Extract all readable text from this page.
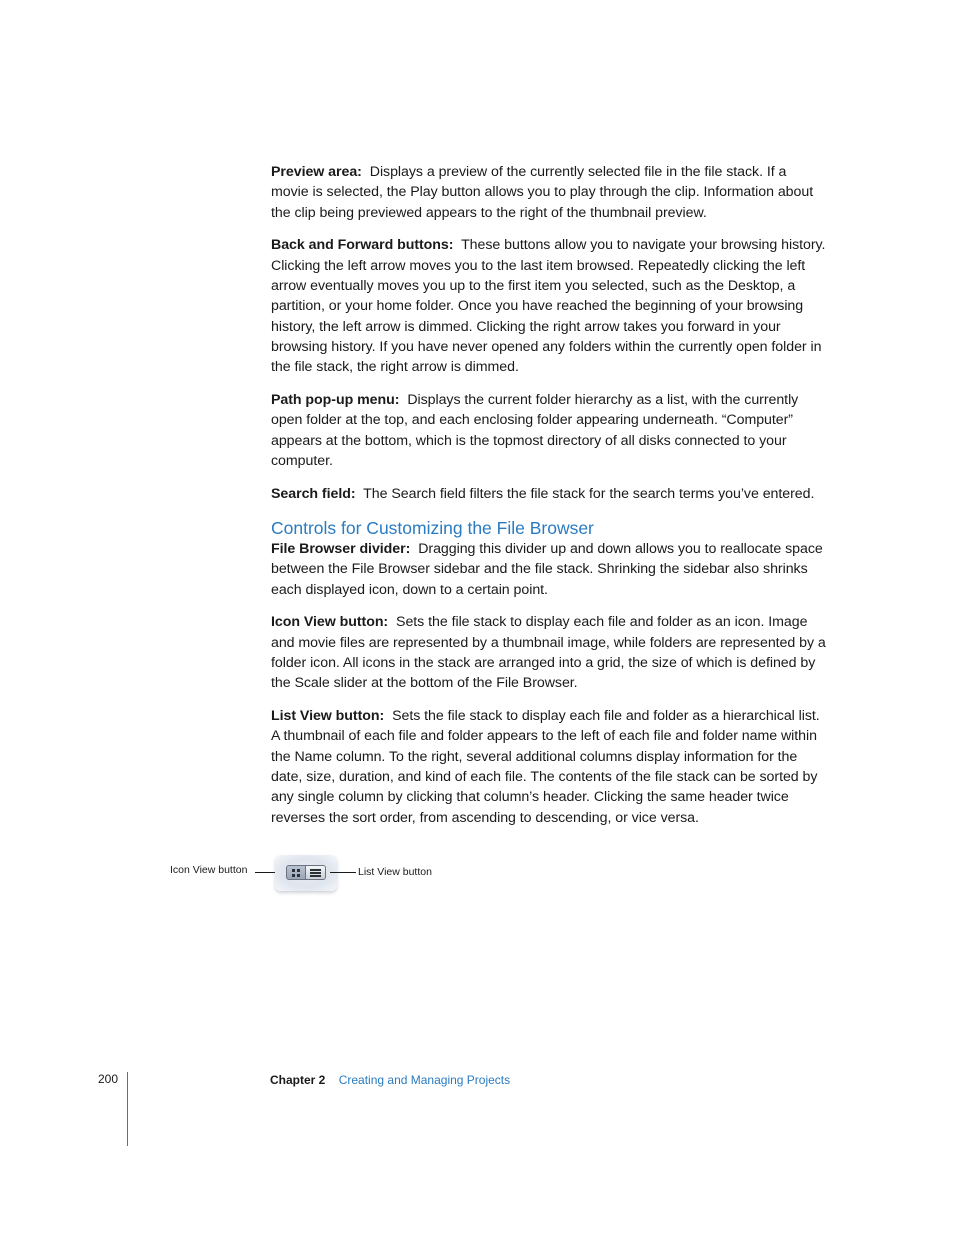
Preview area: Displays a preview of the currently selected file in the file stack. If a movie is selected, the Play button allows you to play through the clip. Information about the clip being previewed appears to the right of the thumbnail preview.

Back and Forward buttons: These buttons allow you to navigate your browsing history. Clicking the left arrow moves you to the last item browsed. Repeatedly clicking the left arrow eventually moves you up to the first item you selected, such as the Desktop, a partition, or your home folder. Once you have reached the beginning of your browsing history, the left arrow is dimmed. Clicking the right arrow takes you forward in your browsing history. If you have never opened any folders within the currently open folder in the file stack, the right arrow is dimmed.

Path pop-up menu: Displays the current folder hierarchy as a list, with the currently open folder at the top, and each enclosing folder appearing underneath. “Computer” appears at the bottom, which is the topmost directory of all disks connected to your computer.

Search field: The Search field filters the file stack for the search terms you’ve entered.

Controls for Customizing the File Browser

File Browser divider: Dragging this divider up and down allows you to reallocate space between the File Browser sidebar and the file stack. Shrinking the sidebar also shrinks each displayed icon, down to a certain point.

Icon View button: Sets the file stack to display each file and folder as an icon. Image and movie files are represented by a thumbnail image, while folders are represented by a folder icon. All icons in the stack are arranged into a grid, the size of which is defined by the Scale slider at the bottom of the File Browser.

List View button: Sets the file stack to display each file and folder as a hierarchical list. A thumbnail of each file and folder appears to the left of each file and folder name within the Name column. To the right, several additional columns display information for the date, size, duration, and kind of each file. The contents of the file stack can be sorted by any single column by clicking that column’s header. Clicking the same header twice reverses the sort order, from ascending to descending, or vice versa.

Icon View button	List View button
200	Chapter 2 Creating and Managing Projects
